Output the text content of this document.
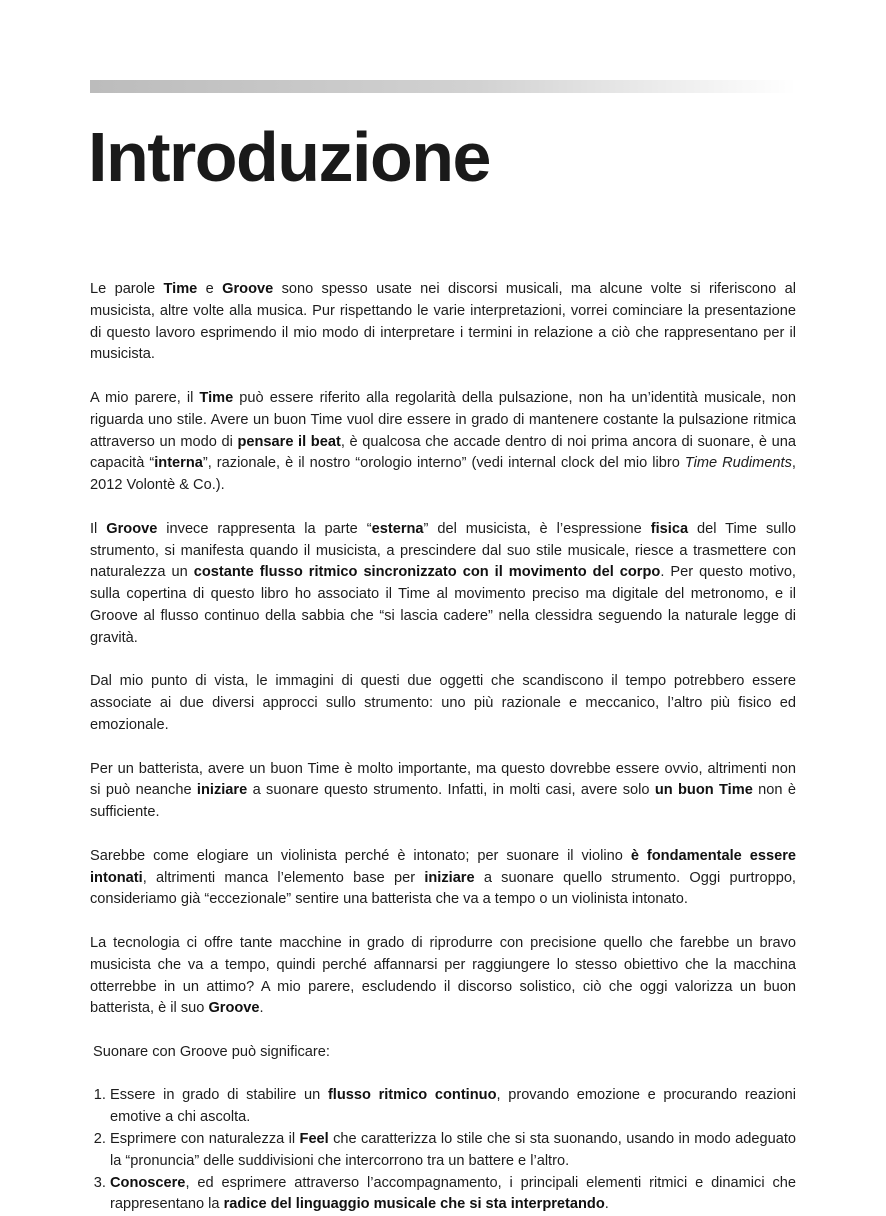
Introduzione

Le parole Time e Groove sono spesso usate nei discorsi musicali, ma alcune volte si riferiscono al musicista, altre volte alla musica. Pur rispettando le varie interpretazioni, vorrei cominciare la presentazione di questo lavoro esprimendo il mio modo di interpretare i termini in relazione a ciò che rappresentano per il musicista.

A mio parere, il Time può essere riferito alla regolarità della pulsazione, non ha un’identità musicale, non riguarda uno stile. Avere un buon Time vuol dire essere in grado di mantenere costante la pulsazione ritmica attraverso un modo di pensare il beat, è qualcosa che accade dentro di noi prima ancora di suonare, è una capacità “interna”, razionale, è il nostro “orologio interno” (vedi internal clock del mio libro Time Rudiments, 2012 Volontè & Co.).

Il Groove invece rappresenta la parte “esterna” del musicista, è l’espressione fisica del Time sullo strumento, si manifesta quando il musicista, a prescindere dal suo stile musicale, riesce a trasmettere con naturalezza un costante flusso ritmico sincronizzato con il movimento del corpo. Per questo motivo, sulla copertina di questo libro ho associato il Time al movimento preciso ma digitale del metronomo, e il Groove al flusso continuo della sabbia che “si lascia cadere” nella clessidra seguendo la naturale legge di gravità.

Dal mio punto di vista, le immagini di questi due oggetti che scandiscono il tempo potrebbero essere associate ai due diversi approcci sullo strumento: uno più razionale e meccanico, l’altro più fisico ed emozionale.

Per un batterista, avere un buon Time è molto importante, ma questo dovrebbe essere ovvio, altrimenti non si può neanche iniziare a suonare questo strumento. Infatti, in molti casi, avere solo un buon Time non è sufficiente.

Sarebbe come elogiare un violinista perché è intonato; per suonare il violino è fondamentale essere intonati, altrimenti manca l’elemento base per iniziare a suonare quello strumento. Oggi purtroppo, consideriamo già “eccezionale” sentire una batterista che va a tempo o un violinista intonato.

La tecnologia ci offre tante macchine in grado di riprodurre con precisione quello che farebbe un bravo musicista che va a tempo, quindi perché affannarsi per raggiungere lo stesso obiettivo che la macchina otterrebbe in un attimo? A mio parere, escludendo il discorso solistico, ciò che oggi valorizza un buon batterista, è il suo Groove.

Suonare con Groove può significare:

1. Essere in grado di stabilire un flusso ritmico continuo, provando emozione e procurando reazioni emotive a chi ascolta.
2. Esprimere con naturalezza il Feel che caratterizza lo stile che si sta suonando, usando in modo adeguato la “pronuncia” delle suddivisioni che intercorrono tra un battere e l’altro.
3. Conoscere, ed esprimere attraverso l’accompagnamento, i principali elementi ritmici e dinamici che rappresentano la radice del linguaggio musicale che si sta interpretando.
